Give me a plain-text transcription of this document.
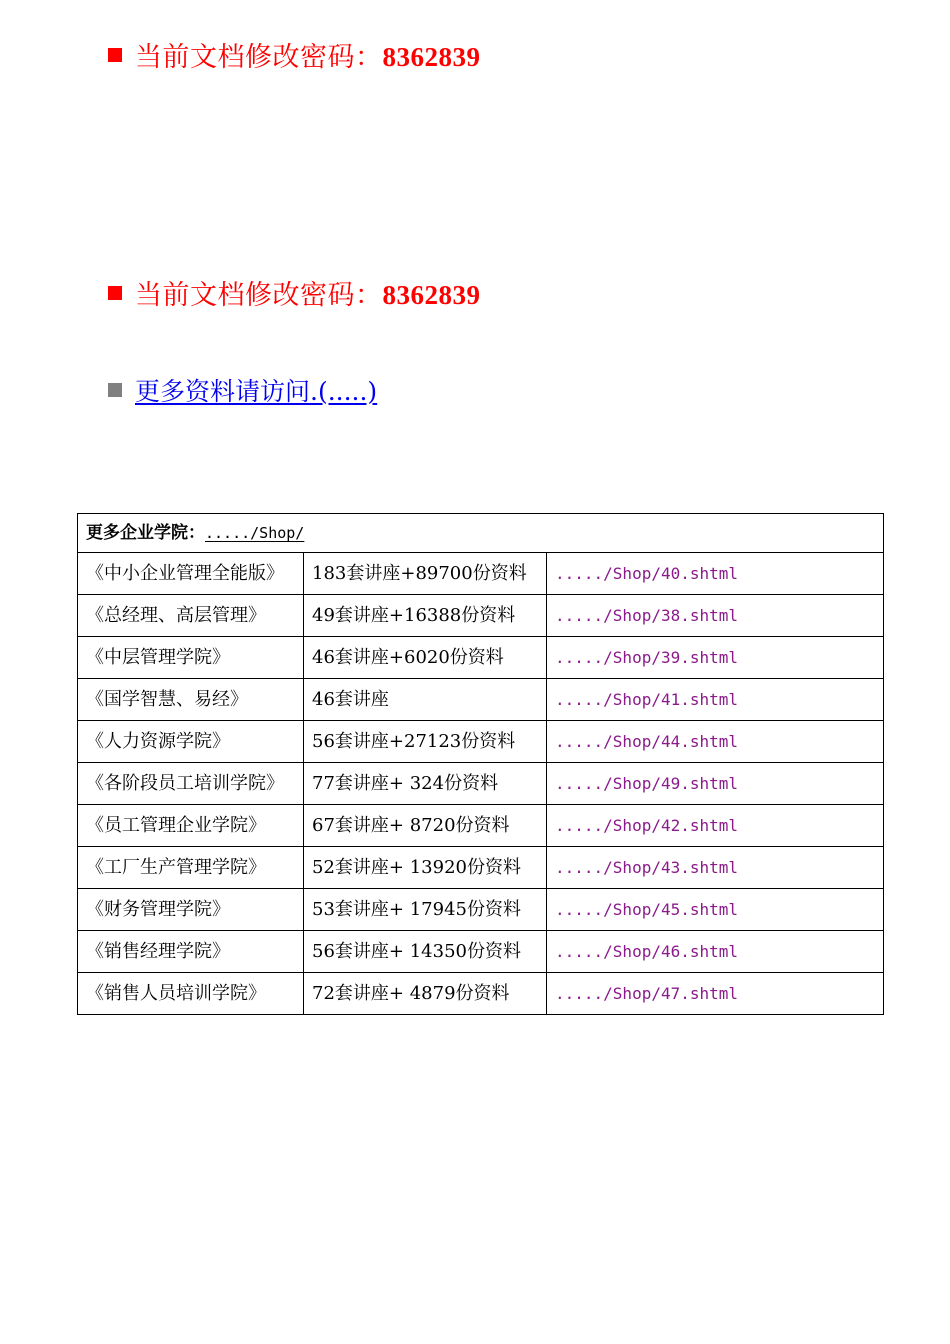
当前文档修改密码：8362839
当前文档修改密码：8362839
更多资料请访问.(.....)
更多企业学院：...../Shop/		
《中小企业管理全能版》	183套讲座+89700份资料	...../Shop/40.shtml
《总经理、高层管理》	49套讲座+16388份资料	...../Shop/38.shtml
《中层管理学院》	46套讲座+6020份资料	...../Shop/39.shtml
《国学智慧、易经》	46套讲座	...../Shop/41.shtml
《人力资源学院》	56套讲座+27123份资料	...../Shop/44.shtml
《各阶段员工培训学院》	77套讲座+ 324份资料	...../Shop/49.shtml
《员工管理企业学院》	67套讲座+ 8720份资料	...../Shop/42.shtml
《工厂生产管理学院》	52套讲座+ 13920份资料	...../Shop/43.shtml
《财务管理学院》	53套讲座+ 17945份资料	...../Shop/45.shtml
《销售经理学院》	56套讲座+ 14350份资料	...../Shop/46.shtml
《销售人员培训学院》	72套讲座+ 4879份资料	...../Shop/47.shtml
